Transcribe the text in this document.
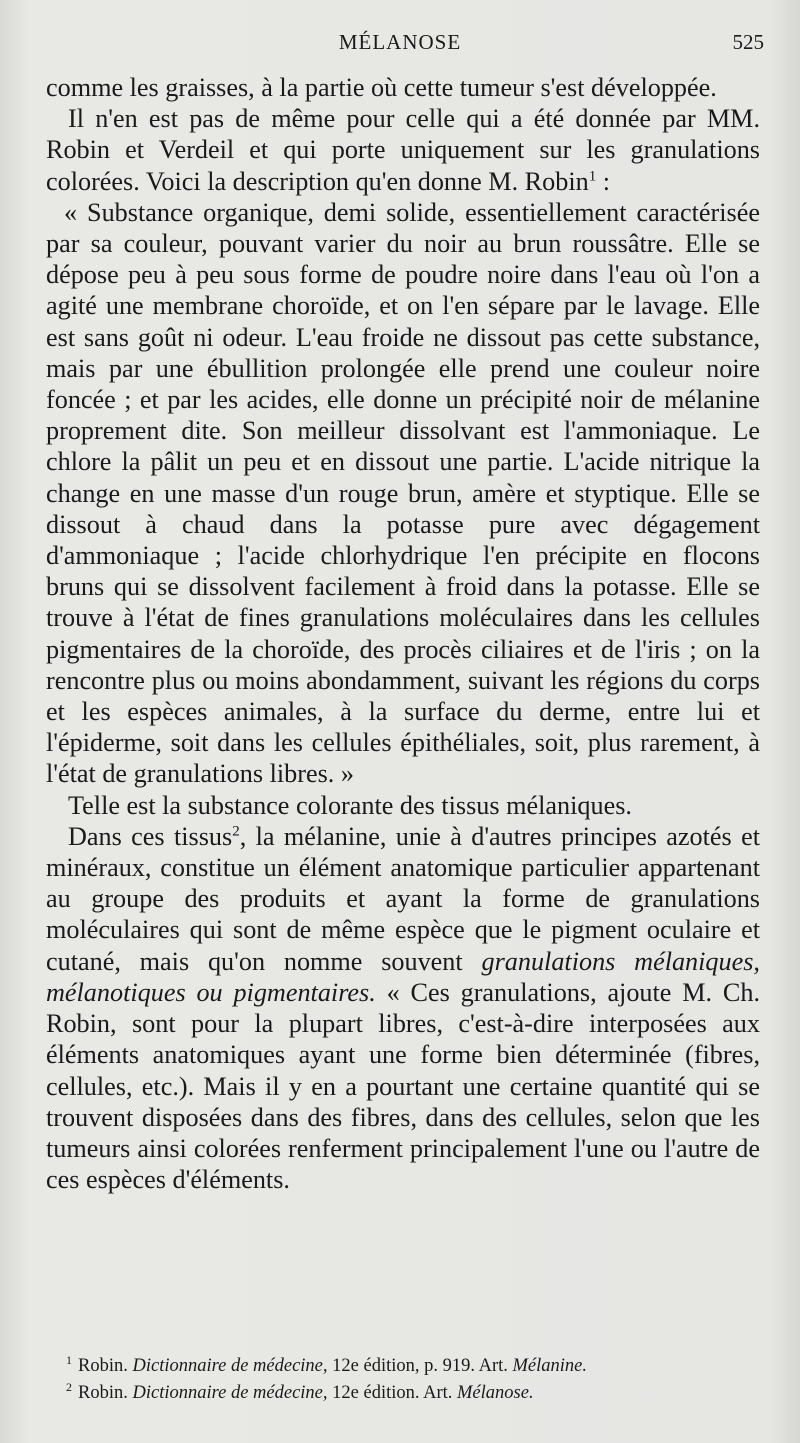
MÉLANOSE	525

comme les graisses, à la partie où cette tumeur s'est développée.

Il n'en est pas de même pour celle qui a été donnée par MM. Robin et Verdeil et qui porte uniquement sur les granulations colorées. Voici la description qu'en donne M. Robin$^1$ :

« Substance organique, demi solide, essentiellement caractérisée par sa couleur, pouvant varier du noir au brun roussâtre. Elle se dépose peu à peu sous forme de poudre noire dans l'eau où l'on a agité une membrane choroïde, et on l'en sépare par le lavage. Elle est sans goût ni odeur. L'eau froide ne dissout pas cette substance, mais par une ébullition prolongée elle prend une couleur noire foncée ; et par les acides, elle donne un précipité noir de mélanine proprement dite. Son meilleur dissolvant est l'ammoniaque. Le chlore la pâlit un peu et en dissout une partie. L'acide nitrique la change en une masse d'un rouge brun, amère et styptique. Elle se dissout à chaud dans la potasse pure avec dégagement d'ammoniaque ; l'acide chlorhydrique l'en précipite en flocons bruns qui se dissolvent facilement à froid dans la potasse. Elle se trouve à l'état de fines granulations moléculaires dans les cellules pigmentaires de la choroïde, des procès ciliaires et de l'iris ; on la rencontre plus ou moins abondamment, suivant les régions du corps et les espèces animales, à la surface du derme, entre lui et l'épiderme, soit dans les cellules épithéliales, soit, plus rarement, à l'état de granulations libres. »

Telle est la substance colorante des tissus mélaniques.

Dans ces tissus$^2$, la mélanine, unie à d'autres principes azotés et minéraux, constitue un élément anatomique particulier appartenant au groupe des produits et ayant la forme de granulations moléculaires qui sont de même espèce que le pigment oculaire et cutané, mais qu'on nomme souvent granulations mélaniques, mélanotiques ou pigmentaires. « Ces granulations, ajoute M. Ch. Robin, sont pour la plupart libres, c'est-à-dire interposées aux éléments anatomiques ayant une forme bien déterminée (fibres, cellules, etc.). Mais il y en a pourtant une certaine quantité qui se trouvent disposées dans des fibres, dans des cellules, selon que les tumeurs ainsi colorées renferment principalement l'une ou l'autre de ces espèces d'éléments.

$^1$ Robin. Dictionnaire de médecine, 12e édition, p. 919. Art. Mélanine.

$^2$ Robin. Dictionnaire de médecine, 12e édition. Art. Mélanose.
